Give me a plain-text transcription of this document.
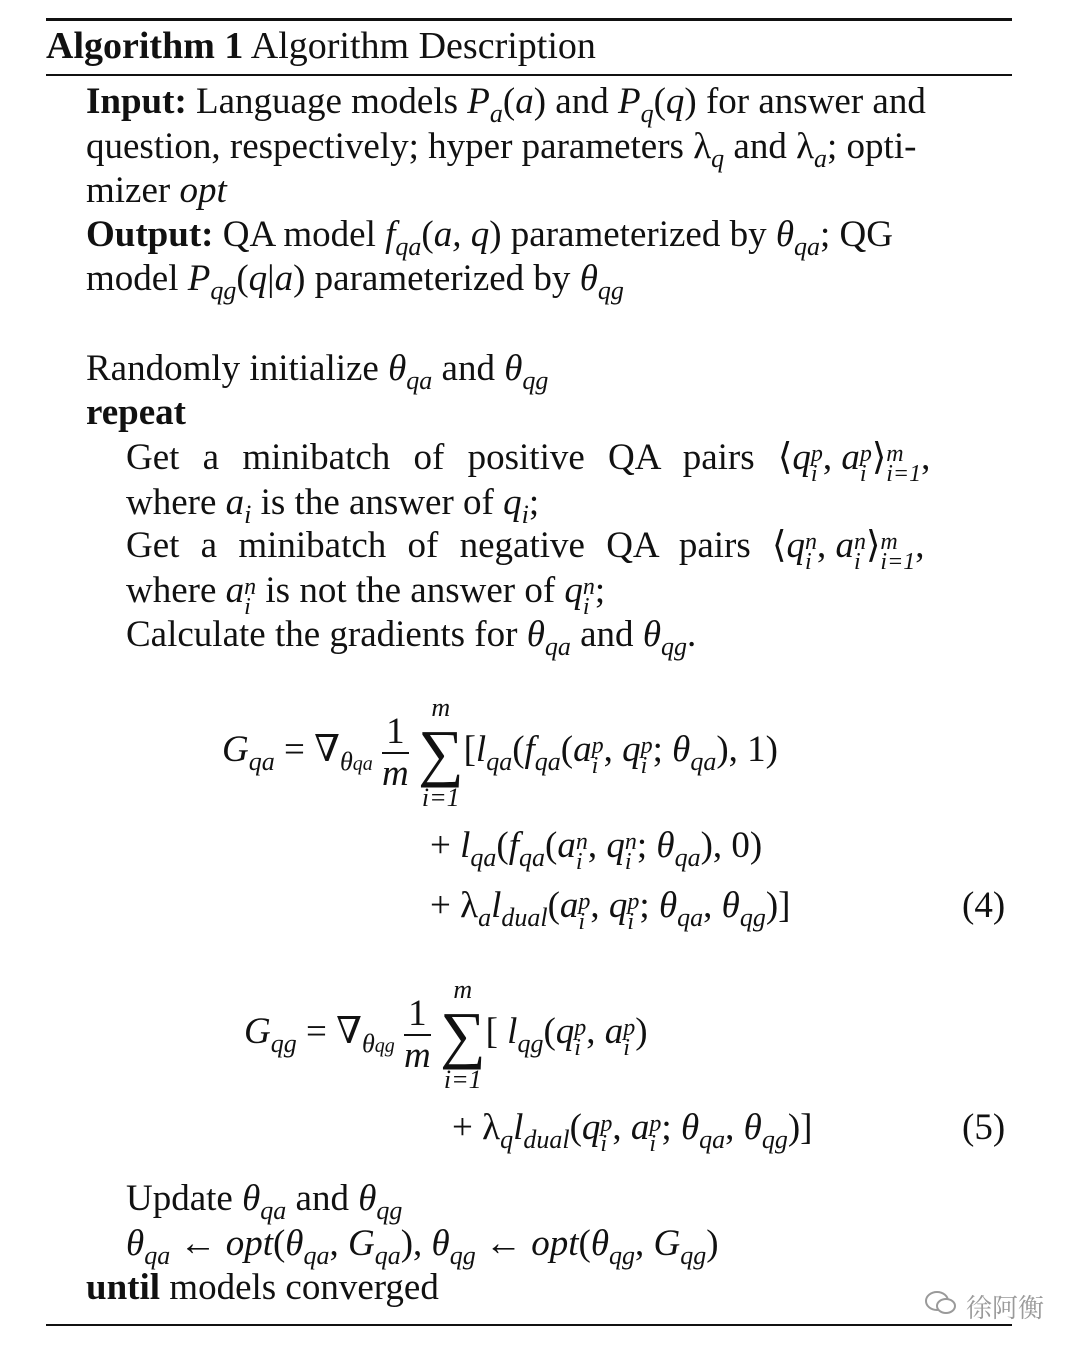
Algorithm 1 Algorithm Description
Input: Language models $P_a(a)$ and $P_q(q)$ for answer and
question, respectively; hyper parameters $\lambda_q$ and $\lambda_a$; opti-
mizer opt
Output: QA model $f_{qa}(a$, q) parameterized by $\theta_{qa}$; QG
model $P_{qg}(q|a)$ parameterized by $\theta_{qg}$
Randomly initialize $\theta_{qa}$ and $\theta_{qg}$
repeat
Get a minibatch of positive QA pairs ⟨q p
i , a p
i ⟩ m
i=1 ,
where $a_i$ is the answer of $q_i$;
Get a minibatch of negative QA pairs ⟨q n
i , a n
i ⟩ m
i=1 ,
where a n
i is not the answer of q n
i ;
Calculate the gradients for $\theta_{qa}$ and $\theta_{qg}$.
$G_{qa} = \nabla_{\theta qa} \frac{1}{m}$

m
∑
i=1
[$l_{qa}(f_{qa}(a$ p
i , q p
i ; $\theta_{qa}$), 1)
+ $l_{qa}(f_{qa}(a$ n
i , q n
i ; $\theta_{qa}$), 0)
+ $\lambda_al_{dual}(a$ p
i , q p
i ; $\theta_{qa}$, $\theta_{qg}$)]	(4)
$G_{qg} = \nabla_{\theta qg} \frac{1}{m}$

m
∑
i=1
[ $l_{qg}(q$ p
i , a p
i )
+ $\lambda_ql_{dual}(q$ p
i , a p
i ; $\theta_{qa}$, $\theta_{qg}$)]	(5)
Update $\theta_{qa}$ and $\theta_{qg}$
$\theta_{qa}$ ← $opt(\theta_{qa}$, $G_{qa}$), $\theta_{qg}$ ← $opt(\theta_{qg}$, $G_{qg}$)
until models converged
徐阿衡
